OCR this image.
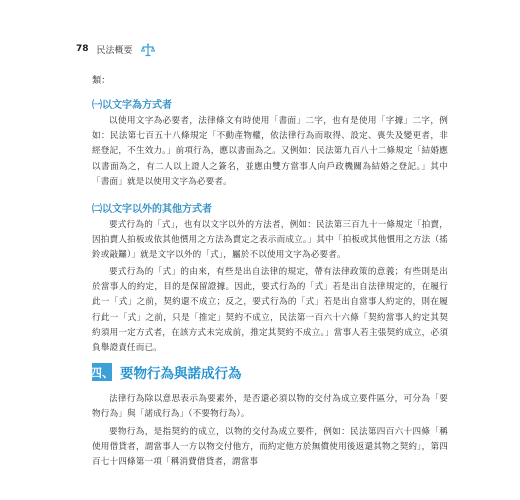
78 民法概要
類：
㈠以文字為方式者

以使用文字為必要者，法律條文有時使用「書面」二字，也有是使用「字據」二字，例如：民法第七百五十八條規定「不動產物權，依法律行為而取得、設定、喪失及變更者，非經登記，不生效力。」前項行為，應以書面為之。又例如：民法第九百八十二條規定「結婚應以書面為之，有二人以上證人之簽名，並應由雙方當事人向戶政機關為結婚之登記。」其中「書面」就是以使用文字為必要者。

㈡以文字以外的其他方式者

要式行為的「式」，也有以文字以外的方法者，例如：民法第三百九十一條規定「拍賣，因拍賣人拍板或依其他慣用之方法為賣定之表示而成立。」其中「拍板或其他慣用之方法（搖鈴或敲鑼）」就是文字以外的「式」，屬於不以使用文字為必要者。

要式行為的「式」的由來，有些是出自法律的規定，帶有法律政策的意義；有些則是出於當事人的約定，目的是保留證據。因此，要式行為的「式」若是出自法律規定的，在履行此一「式」之前，契約還不成立；反之，要式行為的「式」若是出自當事人約定的，則在履行此一「式」之前，只是「推定」契約不成立，民法第一百六十六條「契約當事人約定其契約須用一定方式者，在該方式未完成前，推定其契約不成立。」當事人若主張契約成立，必須負舉證責任而已。

四、 要物行為與諾成行為

法律行為除以意思表示為要素外，是否還必須以物的交付為成立要件區分，可分為「要物行為」與「諾成行為」（不要物行為）。

要物行為，是指契約的成立，以物的交付為成立要件，例如：民法第四百六十四條「稱使用借貸者，謂當事人一方以物交付他方，而約定他方於無償使用後返還其物之契約」，第四百七十四條第一項「稱消費借貸者，謂當事
